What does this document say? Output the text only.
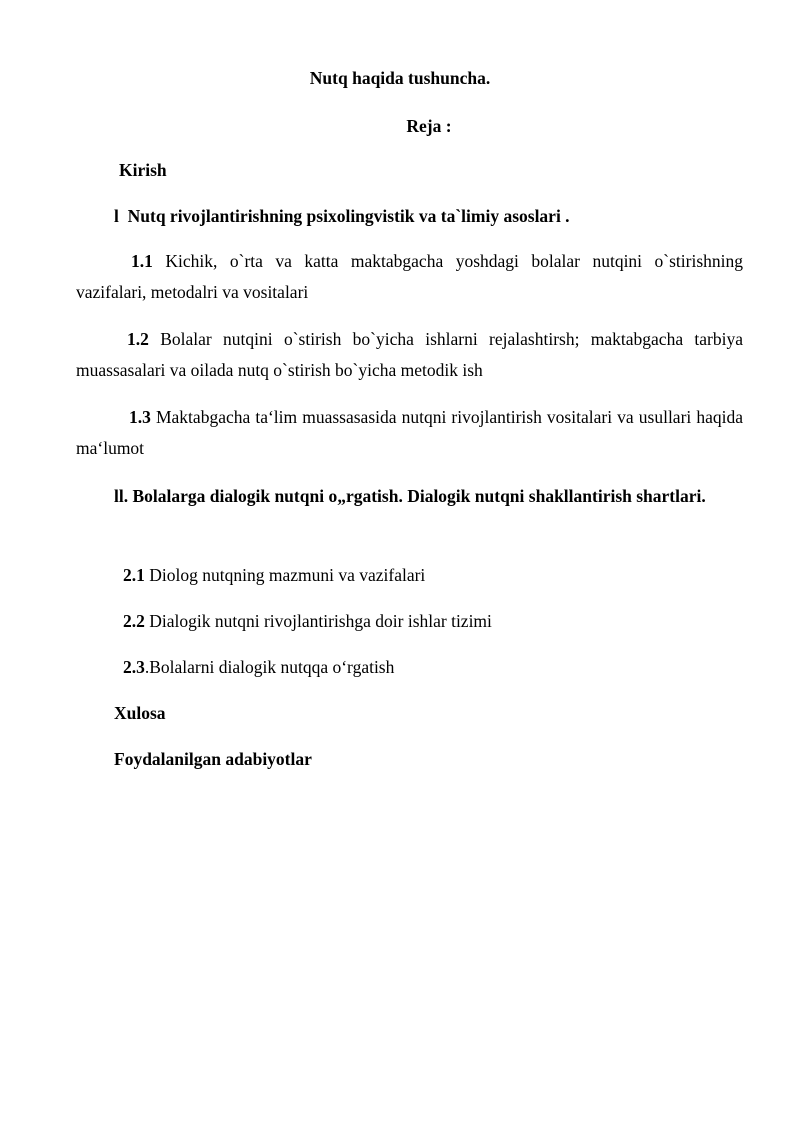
Nutq haqida tushuncha.
Reja :
Kirish
l Nutq rivojlantirishning psixolingvistik va ta`limiy asoslari .
1.1 Kichik, o`rta va katta maktabgacha yoshdagi bolalar nutqini o`stirishning vazifalari, metodalri va vositalari
1.2 Bolalar nutqini o`stirish bo`yicha ishlarni rejalashtirsh; maktabgacha tarbiya muassasalari va oilada nutq o`stirish bo`yicha metodik ish
1.3 Maktabgacha ta‘lim muassasasida nutqni rivojlantirish vositalari va usullari haqida ma‘lumot
ll. Bolalarga dialogik nutqni o„rgatish. Dialogik nutqni shakllantirish shartlari.
2.1 Diolog nutqning mazmuni va vazifalari
2.2 Dialogik nutqni rivojlantirishga doir ishlar tizimi
2.3.Bolalarni dialogik nutqqa o‘rgatish
Xulosa
Foydalanilgan adabiyotlar
